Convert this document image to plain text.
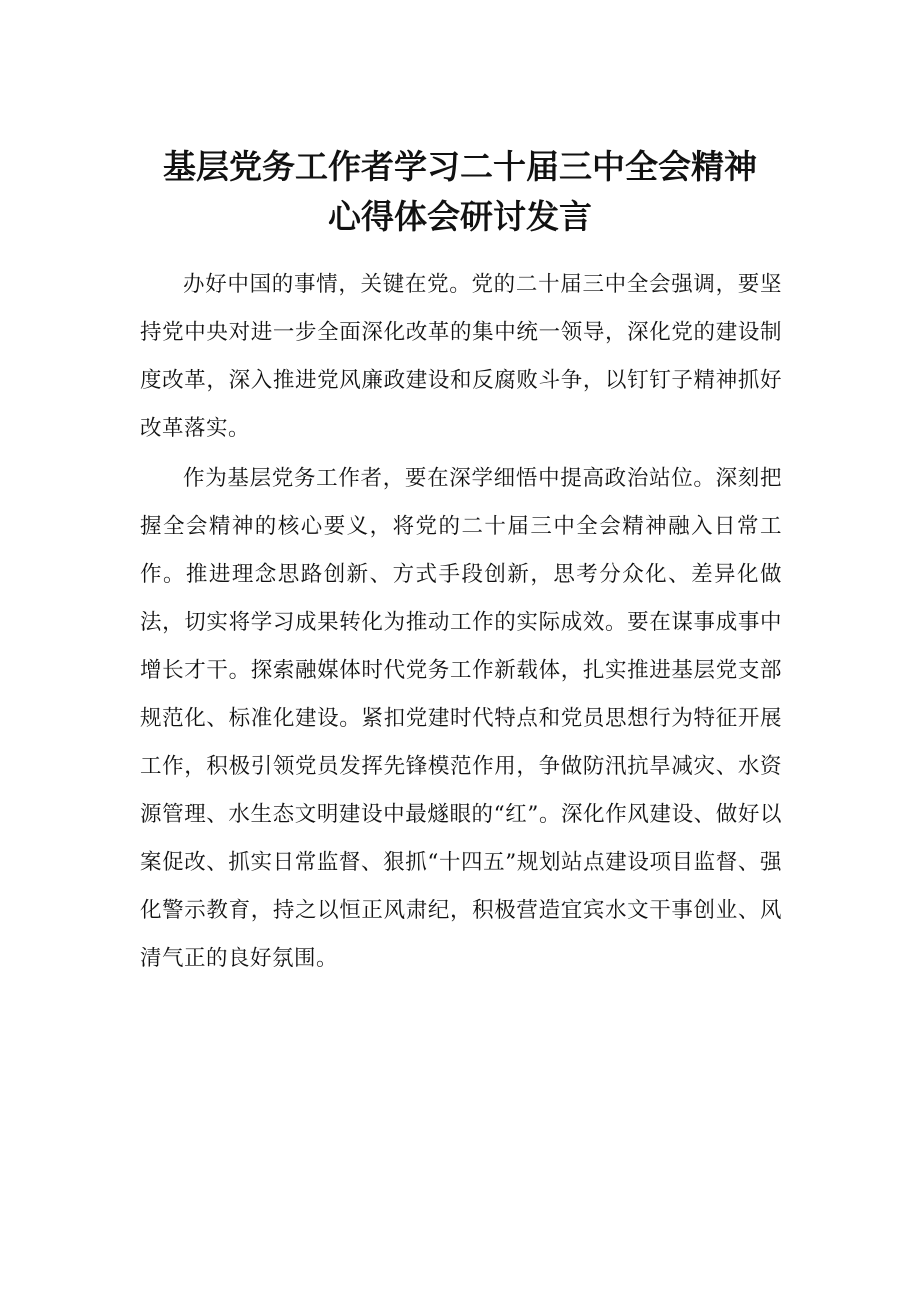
基层党务工作者学习二十届三中全会精神
心得体会研讨发言

办好中国的事情，关键在党。党的二十届三中全会强调，要坚持党中央对进一步全面深化改革的集中统一领导，深化党的建设制度改革，深入推进党风廉政建设和反腐败斗争，以钉钉子精神抓好改革落实。

作为基层党务工作者，要在深学细悟中提高政治站位。深刻把握全会精神的核心要义，将党的二十届三中全会精神融入日常工作。推进理念思路创新、方式手段创新，思考分众化、差异化做法，切实将学习成果转化为推动工作的实际成效。要在谋事成事中增长才干。探索融媒体时代党务工作新载体，扎实推进基层党支部规范化、标准化建设。紧扣党建时代特点和党员思想行为特征开展工作，积极引领党员发挥先锋模范作用，争做防汛抗旱减灾、水资源管理、水生态文明建设中最燧眼的“红”。深化作风建设、做好以案促改、抓实日常监督、狠抓“十四五”规划站点建设项目监督、强化警示教育，持之以恒正风肃纪，积极营造宜宾水文干事创业、风清气正的良好氛围。
